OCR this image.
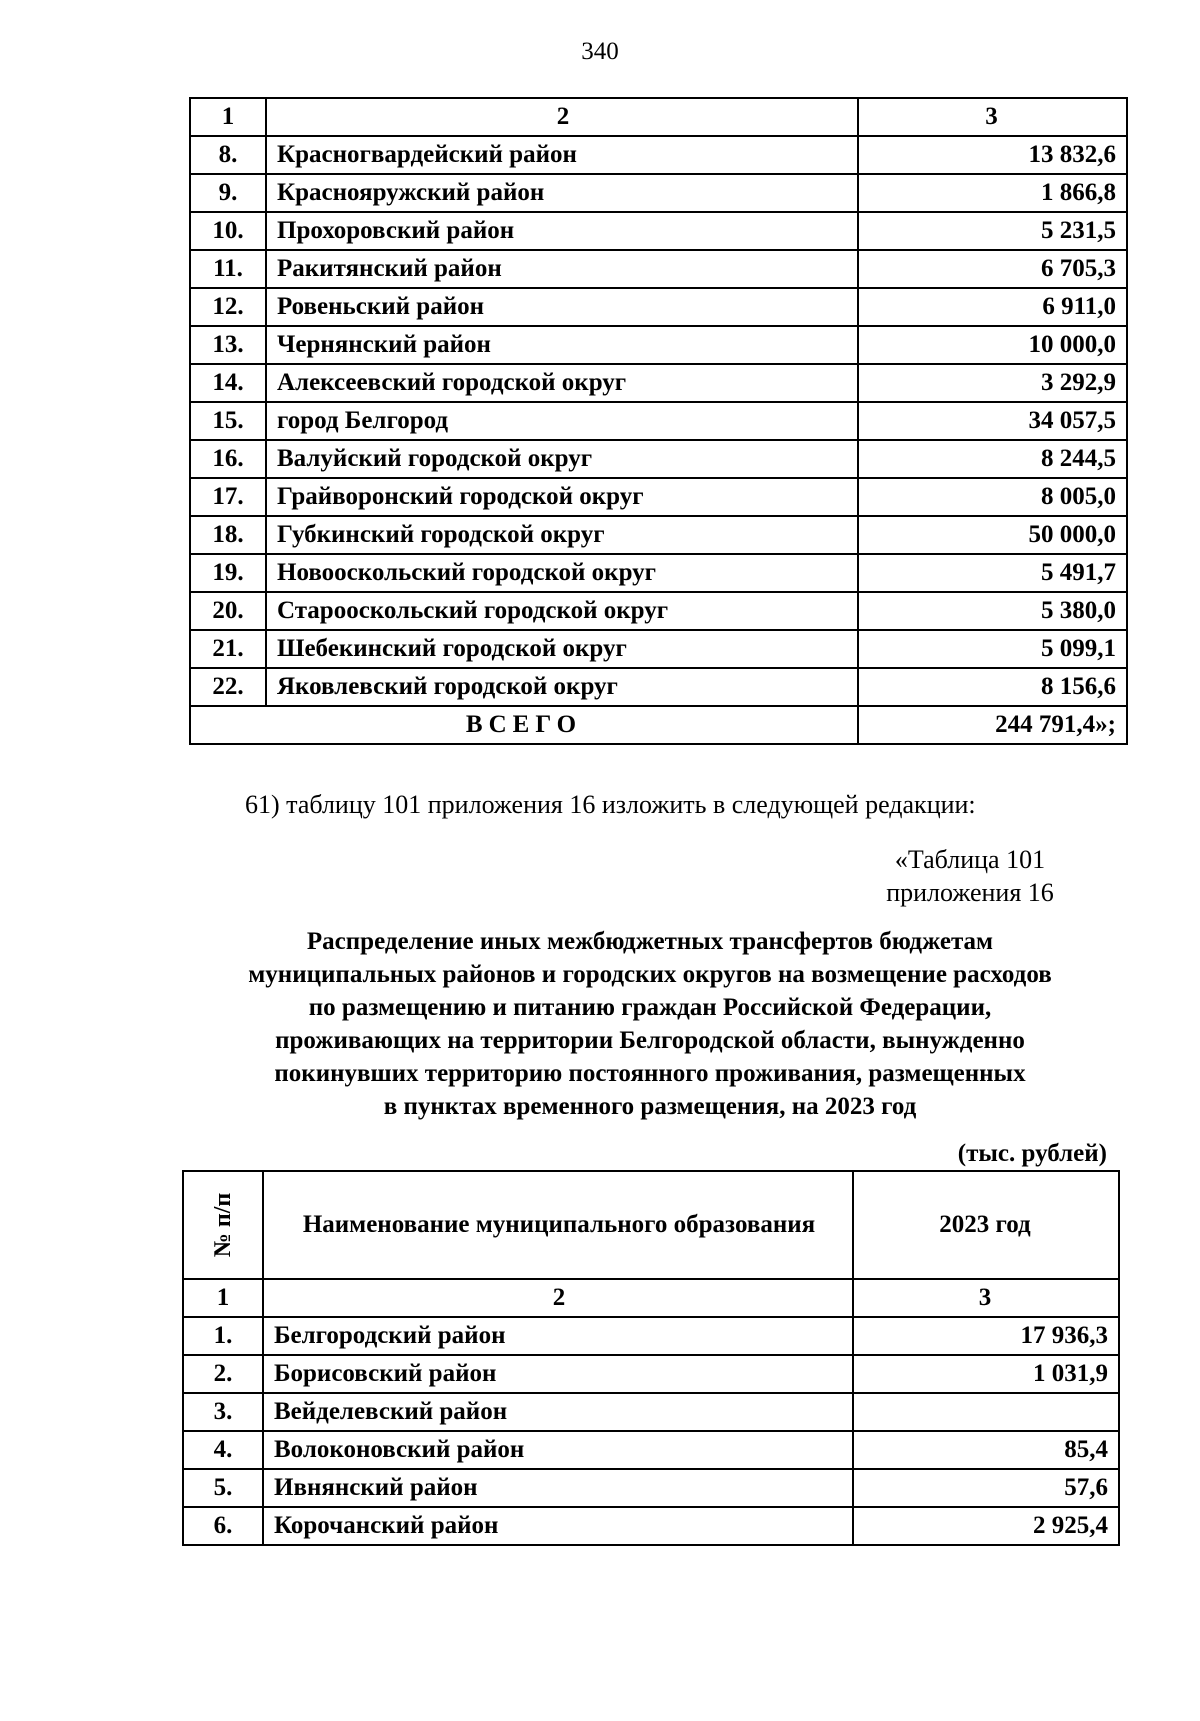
340
1	2	3
8.	Красногвардейский район	13 832,6
9.	Краснояружский район	1 866,8
10.	Прохоровский район	5 231,5
11.	Ракитянский район	6 705,3
12.	Ровеньский район	6 911,0
13.	Чернянский район	10 000,0
14.	Алексеевский городской округ	3 292,9
15.	город Белгород	34 057,5
16.	Валуйский городской округ	8 244,5
17.	Грайворонский городской округ	8 005,0
18.	Губкинский городской округ	50 000,0
19.	Новооскольский городской округ	5 491,7
20.	Старооскольский городской округ	5 380,0
21.	Шебекинский городской округ	5 099,1
22.	Яковлевский городской округ	8 156,6
ВСЕГО		244 791,4»;
61) таблицу 101 приложения 16 изложить в следующей редакции:
«Таблица 101
приложения 16
Распределение иных межбюджетных трансфертов бюджетам
муниципальных районов и городских округов на возмещение расходов
по размещению и питанию граждан Российской Федерации,
проживающих на территории Белгородской области, вынужденно
покинувших территорию постоянного проживания, размещенных
в пунктах временного размещения, на 2023 год
(тыс. рублей)
№ п/п	Наименование муниципального образования	2023 год
1	2	3
1.	Белгородский район	17 936,3
2.	Борисовский район	1 031,9
3.	Вейделевский район	
4.	Волоконовский район	85,4
5.	Ивнянский район	57,6
6.	Корочанский район	2 925,4
